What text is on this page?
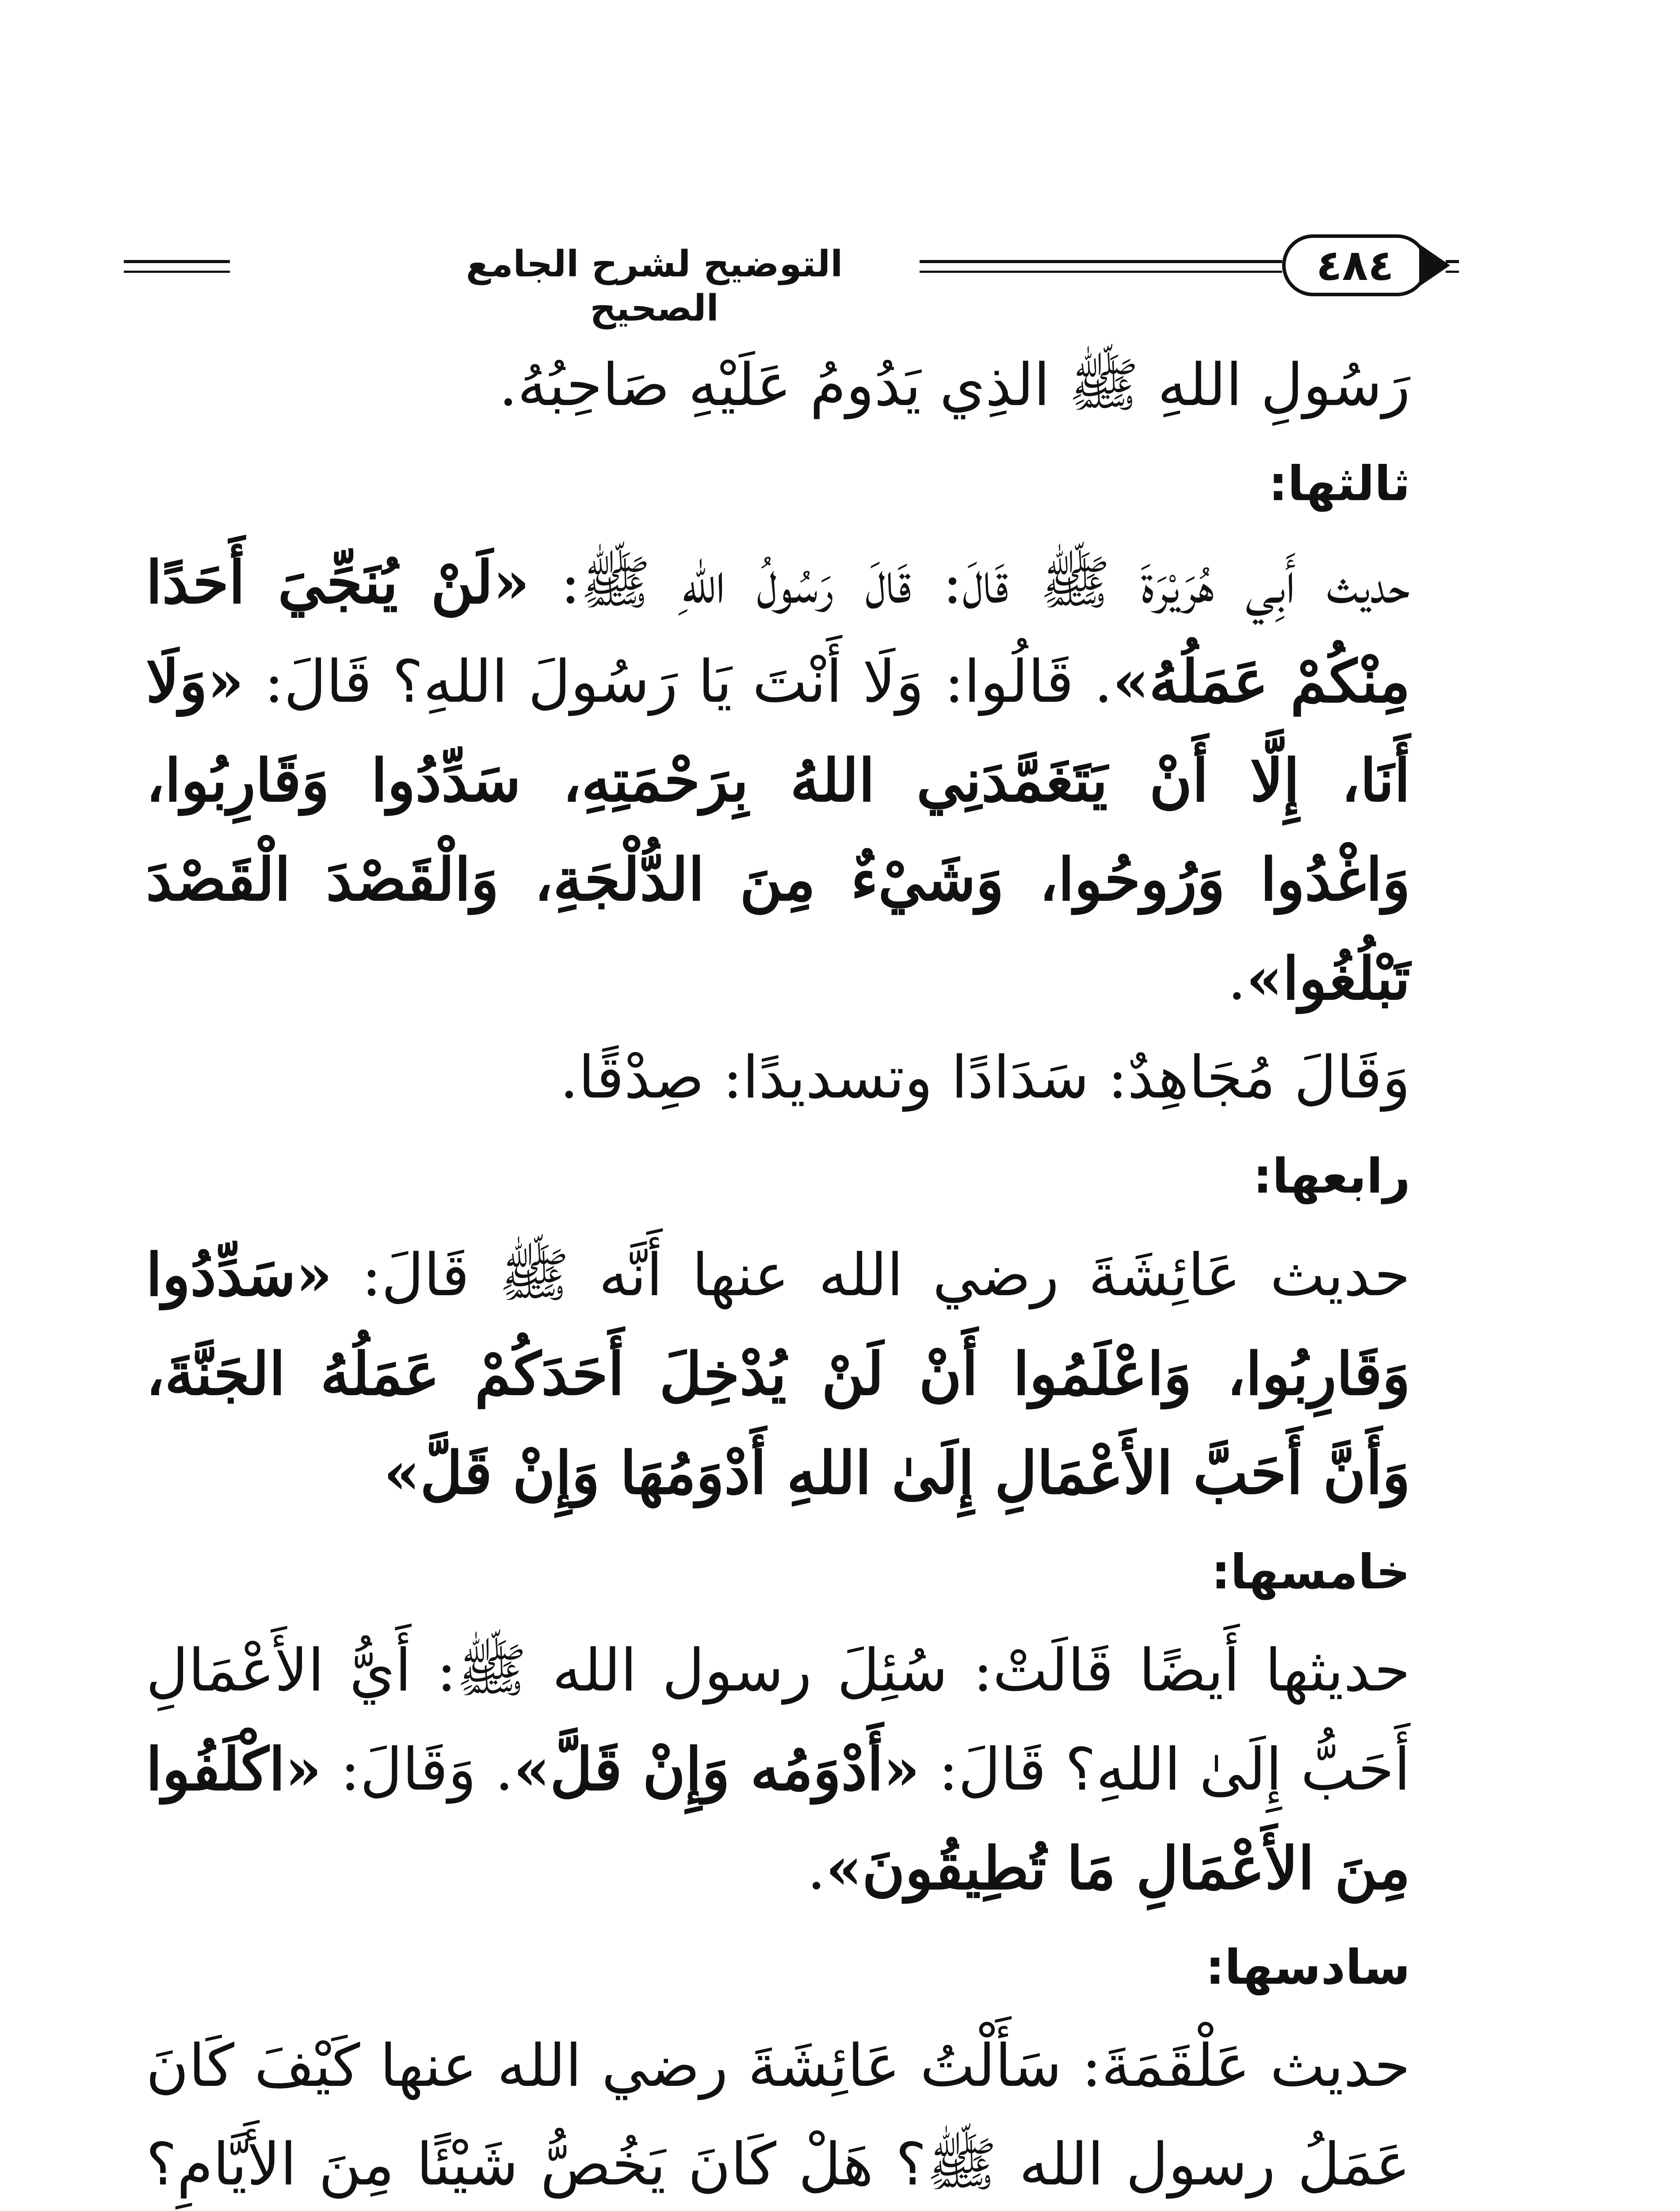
التوضيح لشرح الجامع الصحيح
٤٨٤

رَسُولِ اللهِ ﷺ الذِي يَدُومُ عَلَيْهِ صَاحِبُهُ.

ثالثها:

حديث أَبِي هُرَيْرَةَ ﷺ قَالَ: قَالَ رَسُولُ اللهِ ﷺ: «لَنْ يُنَجِّيَ أَحَدًا مِنْكُمْ عَمَلُهُ». قَالُوا: وَلَا أَنْتَ يَا رَسُولَ اللهِ؟ قَالَ: «وَلَا أَنَا، إِلَّا أَنْ يَتَغَمَّدَنِي اللهُ بِرَحْمَتِهِ، سَدِّدُوا وَقَارِبُوا، وَاغْدُوا وَرُوحُوا، وَشَيْءٌ مِنَ الدُّلْجَةِ، وَالْقَصْدَ الْقَصْدَ تَبْلُغُوا».

وَقَالَ مُجَاهِدٌ: سَدَادًا وتسديدًا: صِدْقًا.

رابعها:

حديث عَائِشَةَ رضي الله عنها أَنَّه ﷺ قَالَ: «سَدِّدُوا وَقَارِبُوا، وَاعْلَمُوا أَنْ لَنْ يُدْخِلَ أَحَدَكُمْ عَمَلُهُ الجَنَّةَ، وَأَنَّ أَحَبَّ الأَعْمَالِ إِلَىٰ اللهِ أَدْوَمُهَا وَإِنْ قَلَّ»

خامسها:

حديثها أَيضًا قَالَتْ: سُئِلَ رسول الله ﷺ: أَيُّ الأَعْمَالِ أَحَبُّ إِلَىٰ اللهِ؟ قَالَ: «أَدْوَمُه وَإِنْ قَلَّ». وَقَالَ: «اكْلَفُوا مِنَ الأَعْمَالِ مَا تُطِيقُونَ».

سادسها:

حديث عَلْقَمَةَ: سَأَلْتُ عَائِشَةَ رضي الله عنها كَيْفَ كَانَ عَمَلُ رسول الله ﷺ؟ هَلْ كَانَ يَخُصُّ شَيْئًا مِنَ الأَيَّامِ؟
